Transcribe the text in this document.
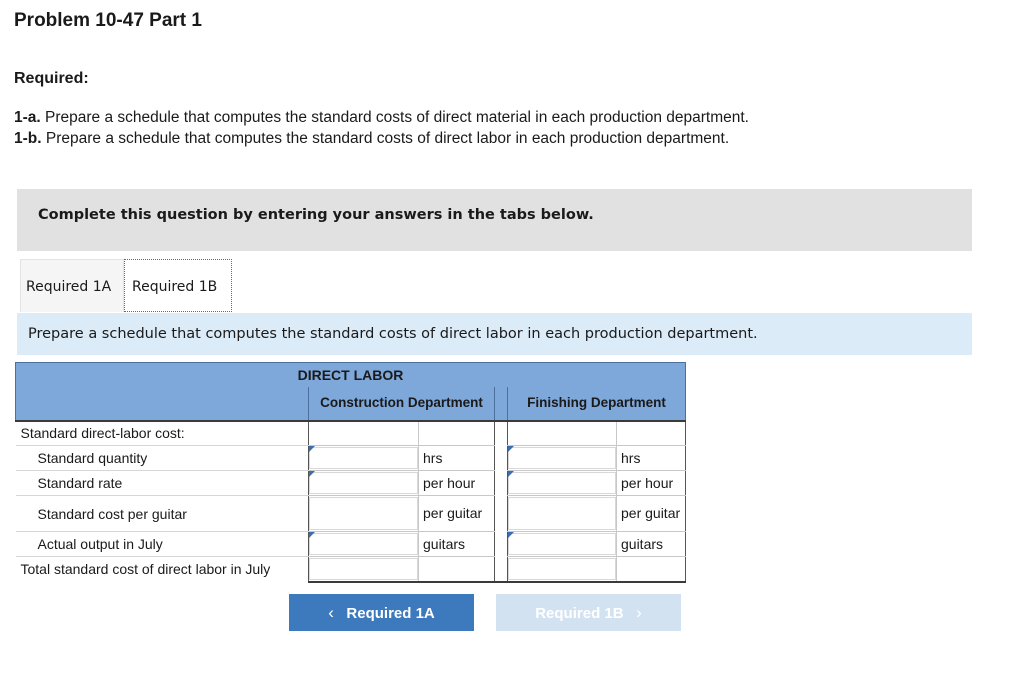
Problem 10-47 Part 1
Required:
1-a. Prepare a schedule that computes the standard costs of direct material in each production department.
1-b. Prepare a schedule that computes the standard costs of direct labor in each production department.
Complete this question by entering your answers in the tabs below.
Required 1A	Required 1B
Prepare a schedule that computes the standard costs of direct labor in each production department.
DIRECT LABOR					
	Construction Department			Finishing Department	
Standard direct-labor cost:					
Standard quantity		hrs			hrs
Standard rate		per hour			per hour
Standard cost per guitar		per guitar			per guitar
Actual output in July		guitars			guitars
Total standard cost of direct labor in July	

‹ Required 1A	Required 1B ›
